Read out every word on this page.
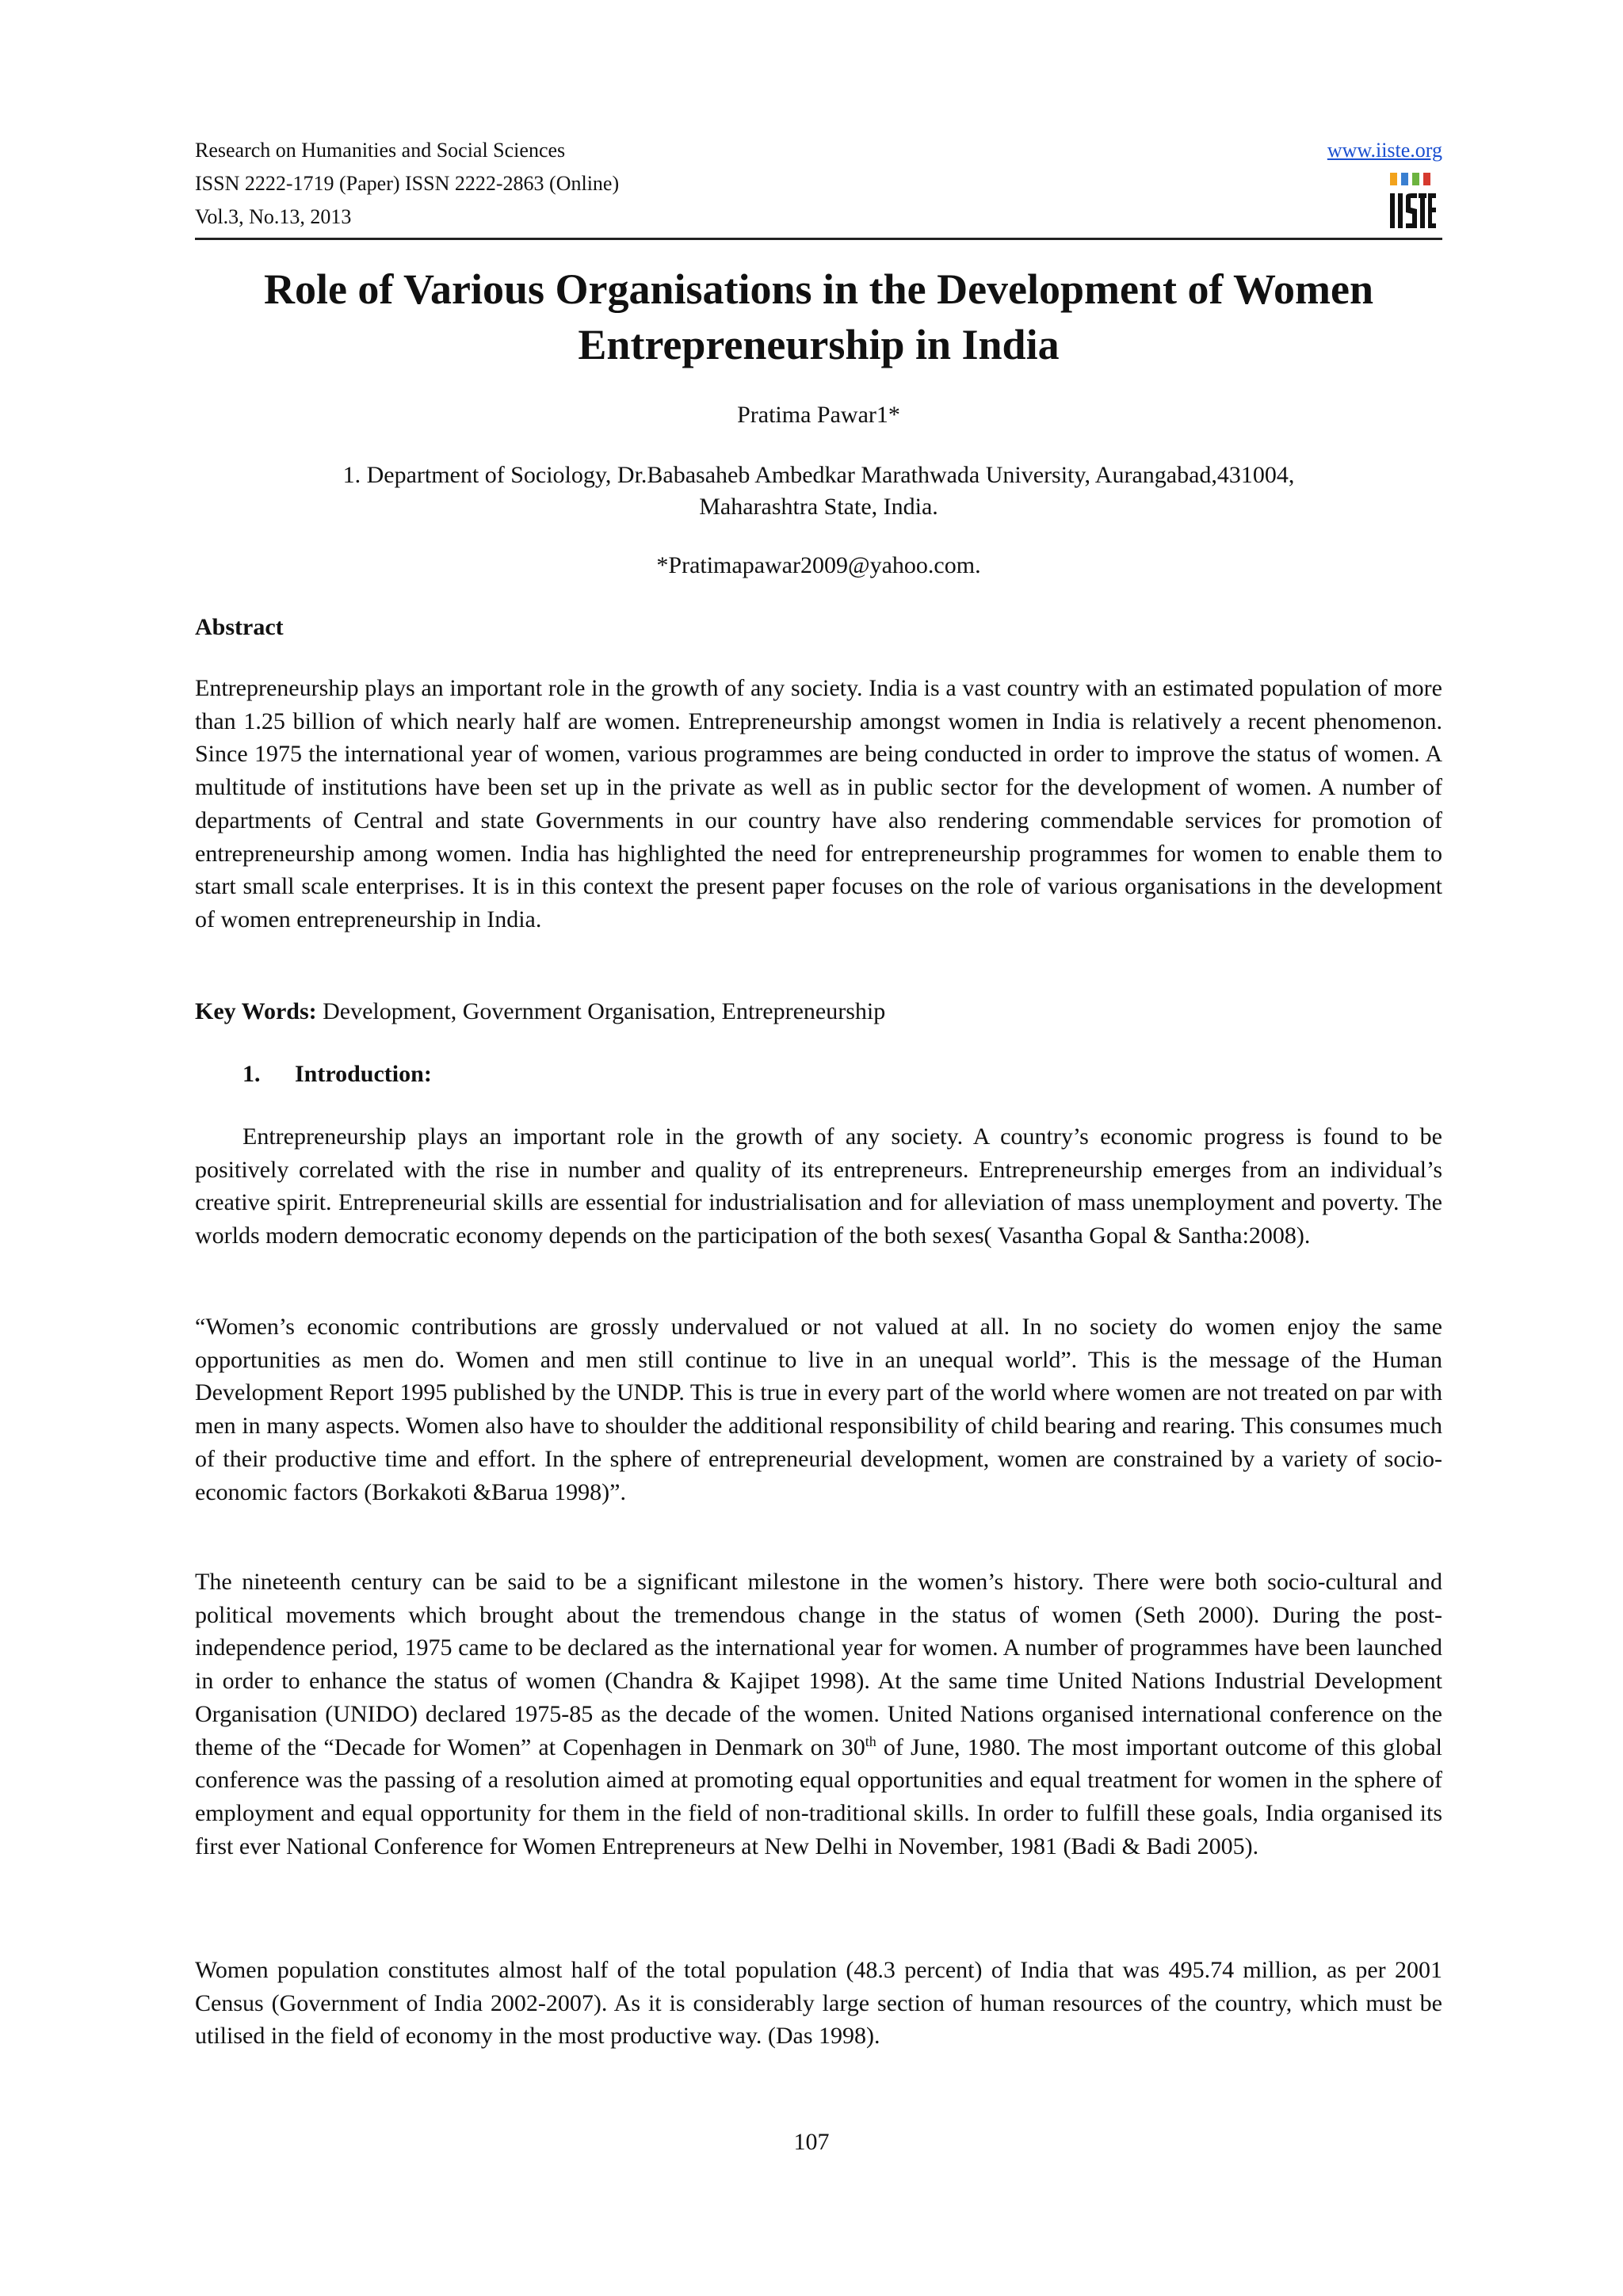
Research on Humanities and Social Sciences
ISSN 2222-1719 (Paper) ISSN 2222-2863 (Online)
Vol.3, No.13, 2013
www.iiste.org
Role of Various Organisations in the Development of Women Entrepreneurship in India
Pratima Pawar1*
1. Department of Sociology, Dr.Babasaheb Ambedkar Marathwada University, Aurangabad,431004,
Maharashtra State, India.
*Pratimapawar2009@yahoo.com.
Abstract

Entrepreneurship plays an important role in the growth of any society. India is a vast country with an estimated population of more than 1.25 billion of which nearly half are women. Entrepreneurship amongst women in India is relatively a recent phenomenon. Since 1975 the international year of women, various programmes are being conducted in order to improve the status of women. A multitude of institutions have been set up in the private as well as in public sector for the development of women. A number of departments of Central and state Governments in our country have also rendering commendable services for promotion of entrepreneurship among women. India has highlighted the need for entrepreneurship programmes for women to enable them to start small scale enterprises. It is in this context the present paper focuses on the role of various organisations in the development of women entrepreneurship in India.

Key Words: Development, Government Organisation, Entrepreneurship

1. Introduction:

Entrepreneurship plays an important role in the growth of any society. A country’s economic progress is found to be positively correlated with the rise in number and quality of its entrepreneurs. Entrepreneurship emerges from an individual’s creative spirit. Entrepreneurial skills are essential for industrialisation and for alleviation of mass unemployment and poverty. The worlds modern democratic economy depends on the participation of the both sexes( Vasantha Gopal & Santha:2008).

“Women’s economic contributions are grossly undervalued or not valued at all. In no society do women enjoy the same opportunities as men do. Women and men still continue to live in an unequal world”. This is the message of the Human Development Report 1995 published by the UNDP. This is true in every part of the world where women are not treated on par with men in many aspects. Women also have to shoulder the additional responsibility of child bearing and rearing. This consumes much of their productive time and effort. In the sphere of entrepreneurial development, women are constrained by a variety of socio-economic factors (Borkakoti &Barua 1998)”.

The nineteenth century can be said to be a significant milestone in the women’s history. There were both socio-cultural and political movements which brought about the tremendous change in the status of women (Seth 2000). During the post-independence period, 1975 came to be declared as the international year for women. A number of programmes have been launched in order to enhance the status of women (Chandra & Kajipet 1998). At the same time United Nations Industrial Development Organisation (UNIDO) declared 1975-85 as the decade of the women. United Nations organised international conference on the theme of the “Decade for Women” at Copenhagen in Denmark on 30th of June, 1980. The most important outcome of this global conference was the passing of a resolution aimed at promoting equal opportunities and equal treatment for women in the sphere of employment and equal opportunity for them in the field of non-traditional skills. In order to fulfill these goals, India organised its first ever National Conference for Women Entrepreneurs at New Delhi in November, 1981 (Badi & Badi 2005).

Women population constitutes almost half of the total population (48.3 percent) of India that was 495.74 million, as per 2001 Census (Government of India 2002-2007). As it is considerably large section of human resources of the country, which must be utilised in the field of economy in the most productive way. (Das 1998).

107
